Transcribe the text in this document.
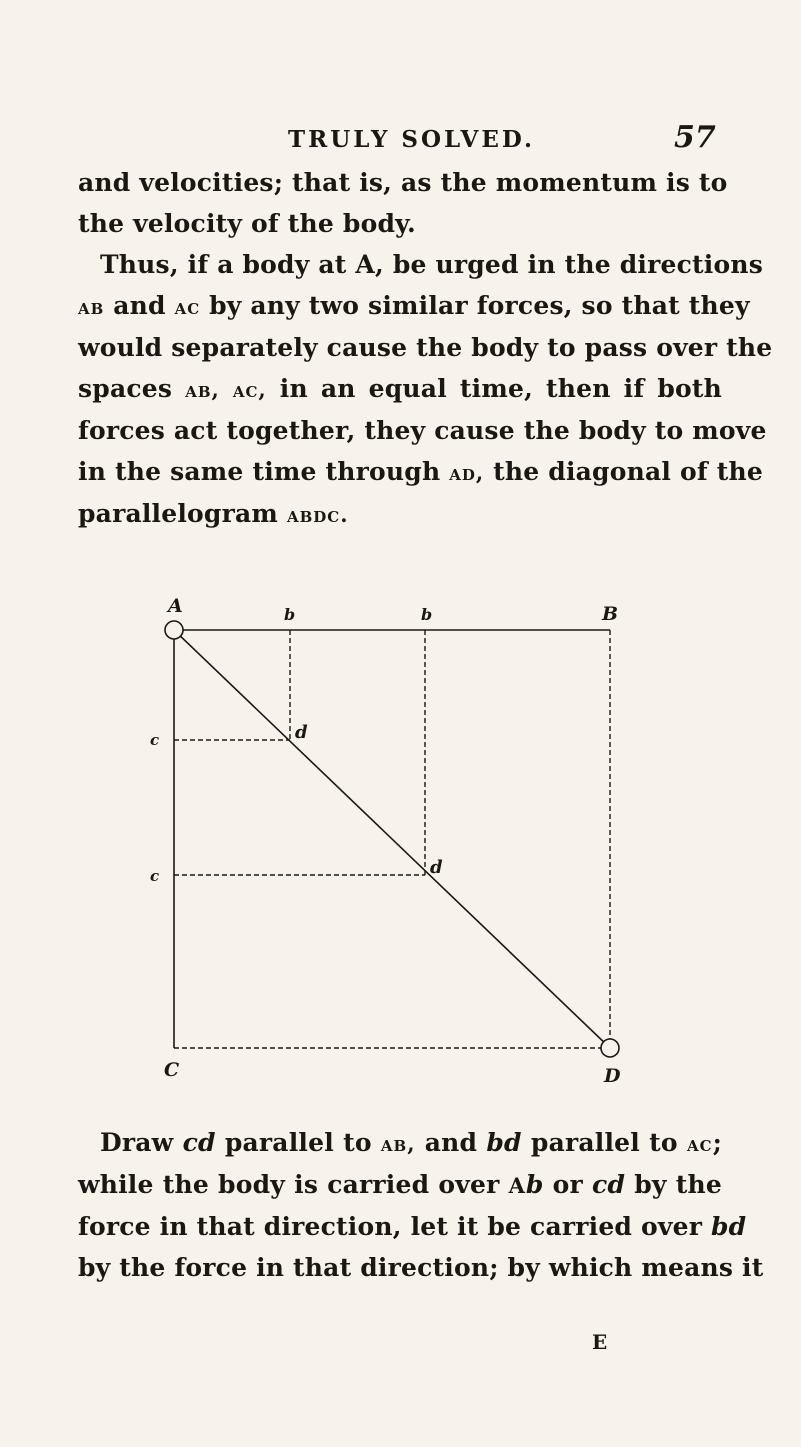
TRULY SOLVED.	57
and velocities; that is, as the momentum is to
the velocity of the body.
Thus, if a body at A, be urged in the directions
ab and ac by any two similar forces, so that they
would separately cause the body to pass over the
spaces ab, ac, in an equal time, then if both
forces act together, they cause the body to move
in the same time through ad, the diagonal of the
parallelogram abdc.
A	b	b	B
c	d
c	d
C	D
Draw cd parallel to ab, and bd parallel to ac;
while the body is carried over Ab or cd by the
force in that direction, let it be carried over bd
by the force in that direction; by which means it
E
